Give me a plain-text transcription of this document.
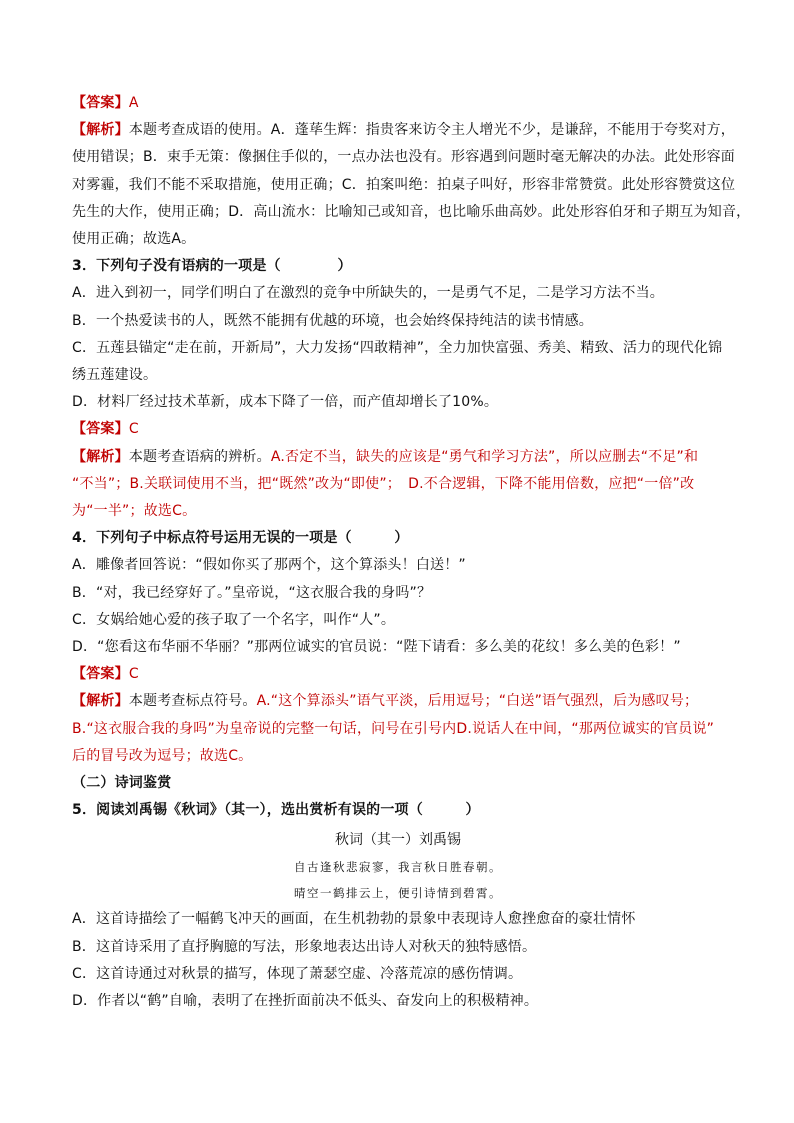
【答案】A
【解析】本题考查成语的使用。A．蓬荜生辉：指贵客来访令主人增光不少，是谦辞，不能用于夸奖对方，
使用错误；B．束手无策：像捆住手似的，一点办法也没有。形容遇到问题时毫无解决的办法。此处形容面
对雾霾，我们不能不采取措施，使用正确；C．拍案叫绝：拍桌子叫好，形容非常赞赏。此处形容赞赏这位
先生的大作，使用正确；D．高山流水：比喻知己或知音，也比喻乐曲高妙。此处形容伯牙和子期互为知音，
使用正确；故选A。
3．下列句子没有语病的一项是（　　　　）
A．进入到初一，同学们明白了在激烈的竞争中所缺失的，一是勇气不足，二是学习方法不当。
B．一个热爱读书的人，既然不能拥有优越的环境，也会始终保持纯洁的读书情感。
C．五莲县锚定“走在前，开新局”，大力发扬“四敢精神”，全力加快富强、秀美、精致、活力的现代化锦
绣五莲建设。
D．材料厂经过技术革新，成本下降了一倍，而产值却增长了10%。
【答案】C
【解析】本题考查语病的辨析。A.否定不当，缺失的应该是“勇气和学习方法”，所以应删去“不足”和
“不当”；B.关联词使用不当，把“既然”改为“即使”；　D.不合逻辑，下降不能用倍数，应把“一倍”改
为“一半”；故选C。
4．下列句子中标点符号运用无误的一项是（　　　）
A．雕像者回答说：“假如你买了那两个，这个算添头！白送！”
B．“对，我已经穿好了。”皇帝说，“这衣服合我的身吗”？
C．女娲给她心爱的孩子取了一个名字，叫作“人”。
D．“您看这布华丽不华丽？”那两位诚实的官员说：“陛下请看：多么美的花纹！多么美的色彩！”
【答案】C
【解析】本题考查标点符号。A.“这个算添头”语气平淡，后用逗号；“白送”语气强烈，后为感叹号；
B.“这衣服合我的身吗”为皇帝说的完整一句话，问号在引号内D.说话人在中间，“那两位诚实的官员说”
后的冒号改为逗号；故选C。
（二）诗词鉴赏
5．阅读刘禹锡《秋词》（其一），选出赏析有误的一项（　　　）
秋词（其一）刘禹锡
自古逢秋悲寂寥，我言秋日胜春朝。
晴空一鹤排云上，便引诗情到碧霄。
A．这首诗描绘了一幅鹤飞冲天的画面，在生机勃勃的景象中表现诗人愈挫愈奋的豪壮情怀
B．这首诗采用了直抒胸臆的写法，形象地表达出诗人对秋天的独特感悟。
C．这首诗通过对秋景的描写，体现了萧瑟空虚、冷落荒凉的感伤情调。
D．作者以“鹤”自喻，表明了在挫折面前决不低头、奋发向上的积极精神。
